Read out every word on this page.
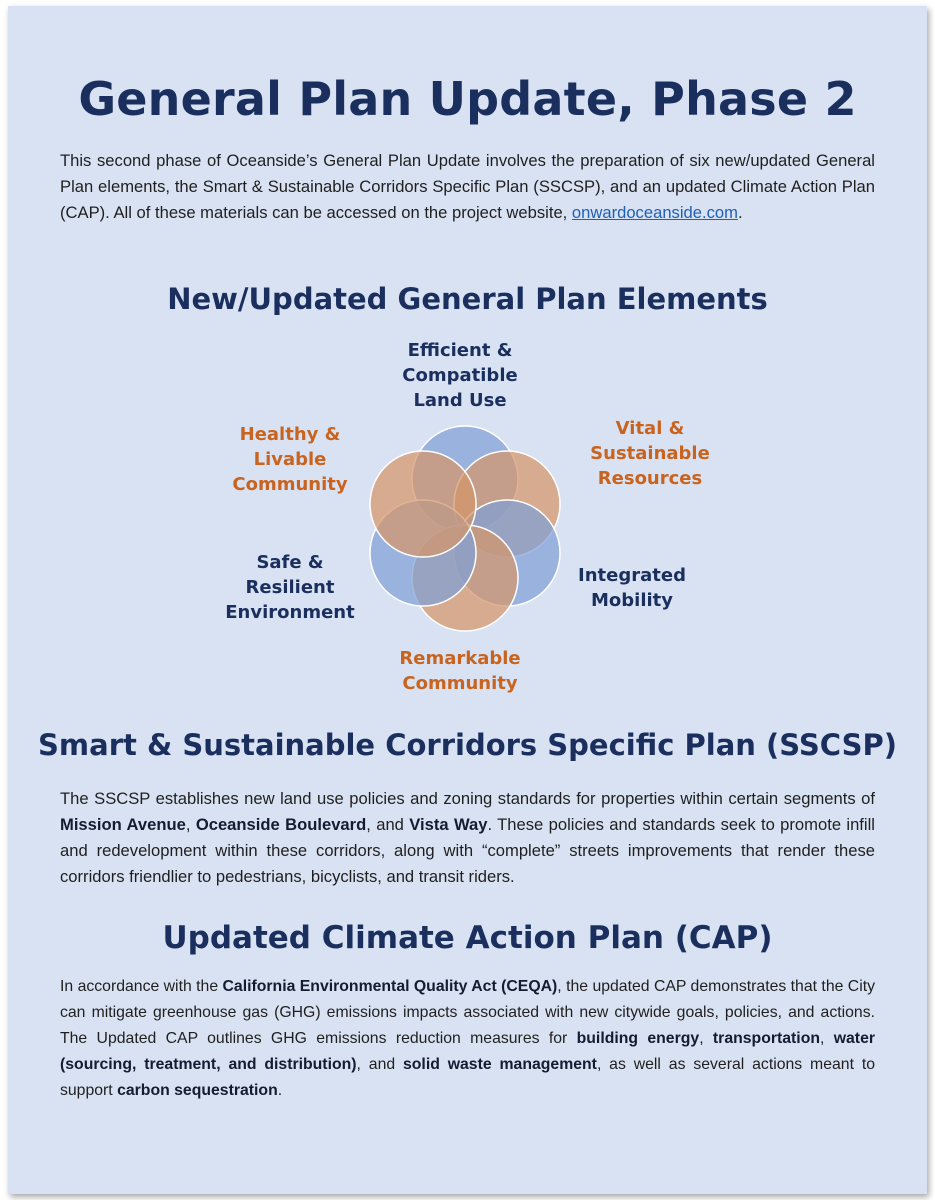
General Plan Update, Phase 2

This second phase of Oceanside’s General Plan Update involves the preparation of six new/updated General Plan elements, the Smart & Sustainable Corridors Specific Plan (SSCSP), and an updated Climate Action Plan (CAP). All of these materials can be accessed on the project website, onwardoceanside.com.

New/Updated General Plan Elements

Efficient &
Compatible
Land Use

Vital &
Sustainable
Resources

Integrated
Mobility

Remarkable
Community

Safe &
Resilient
Environment

Healthy &
Livable
Community

Smart & Sustainable Corridors Specific Plan (SSCSP)

The SSCSP establishes new land use policies and zoning standards for properties within certain segments of Mission Avenue, Oceanside Boulevard, and Vista Way. These policies and standards seek to promote infill and redevelopment within these corridors, along with “complete” streets improvements that render these corridors friendlier to pedestrians, bicyclists, and transit riders.

Updated Climate Action Plan (CAP)

In accordance with the California Environmental Quality Act (CEQA), the updated CAP demonstrates that the City can mitigate greenhouse gas (GHG) emissions impacts associated with new citywide goals, policies, and actions. The Updated CAP outlines GHG emissions reduction measures for building energy, transportation, water (sourcing, treatment, and distribution), and solid waste management, as well as several actions meant to support carbon sequestration.
